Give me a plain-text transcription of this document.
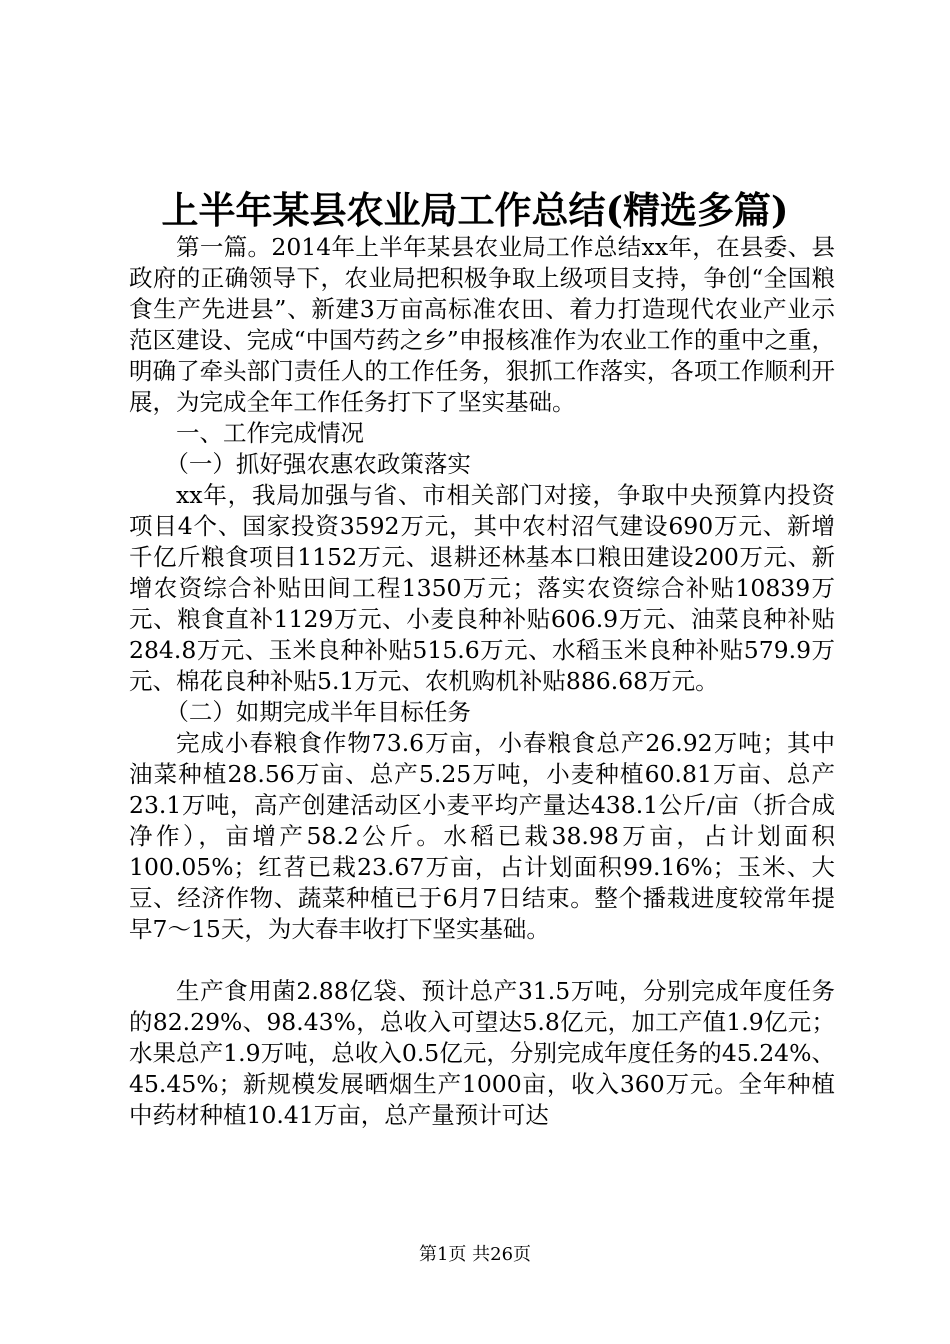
上半年某县农业局工作总结(精选多篇)

第一篇。2014年上半年某县农业局工作总结xx年，在县委、县政府的正确领导下，农业局把积极争取上级项目支持，争创“全国粮食生产先进县”、新建3万亩高标准农田、着力打造现代农业产业示范区建设、完成“中国芍药之乡”申报核准作为农业工作的重中之重，明确了牵头部门责任人的工作任务，狠抓工作落实，各项工作顺利开展，为完成全年工作任务打下了坚实基础。

一、工作完成情况

（一）抓好强农惠农政策落实

xx年，我局加强与省、市相关部门对接，争取中央预算内投资项目4个、国家投资3592万元，其中农村沼气建设690万元、新增千亿斤粮食项目1152万元、退耕还林基本口粮田建设200万元、新增农资综合补贴田间工程1350万元；落实农资综合补贴10839万元、粮食直补1129万元、小麦良种补贴606.9万元、油菜良种补贴284.8万元、玉米良种补贴515.6万元、水稻玉米良种补贴579.9万元、棉花良种补贴5.1万元、农机购机补贴886.68万元。

（二）如期完成半年目标任务

完成小春粮食作物73.6万亩，小春粮食总产26.92万吨；其中油菜种植28.56万亩、总产5.25万吨，小麦种植60.81万亩、总产23.1万吨，高产创建活动区小麦平均产量达438.1公斤/亩（折合成净作），亩增产58.2公斤。水稻已栽38.98万亩，占计划面积100.05%；红苕已栽23.67万亩，占计划面积99.16%；玉米、大豆、经济作物、蔬菜种植已于6月7日结束。整个播栽进度较常年提早7～15天，为大春丰收打下坚实基础。

生产食用菌2.88亿袋、预计总产31.5万吨，分别完成年度任务的82.29%、98.43%，总收入可望达5.8亿元，加工产值1.9亿元；水果总产1.9万吨，总收入0.5亿元，分别完成年度任务的45.24%、45.45%；新规模发展晒烟生产1000亩，收入360万元。全年种植中药材种植10.41万亩，总产量预计可达

第1页 共26页
